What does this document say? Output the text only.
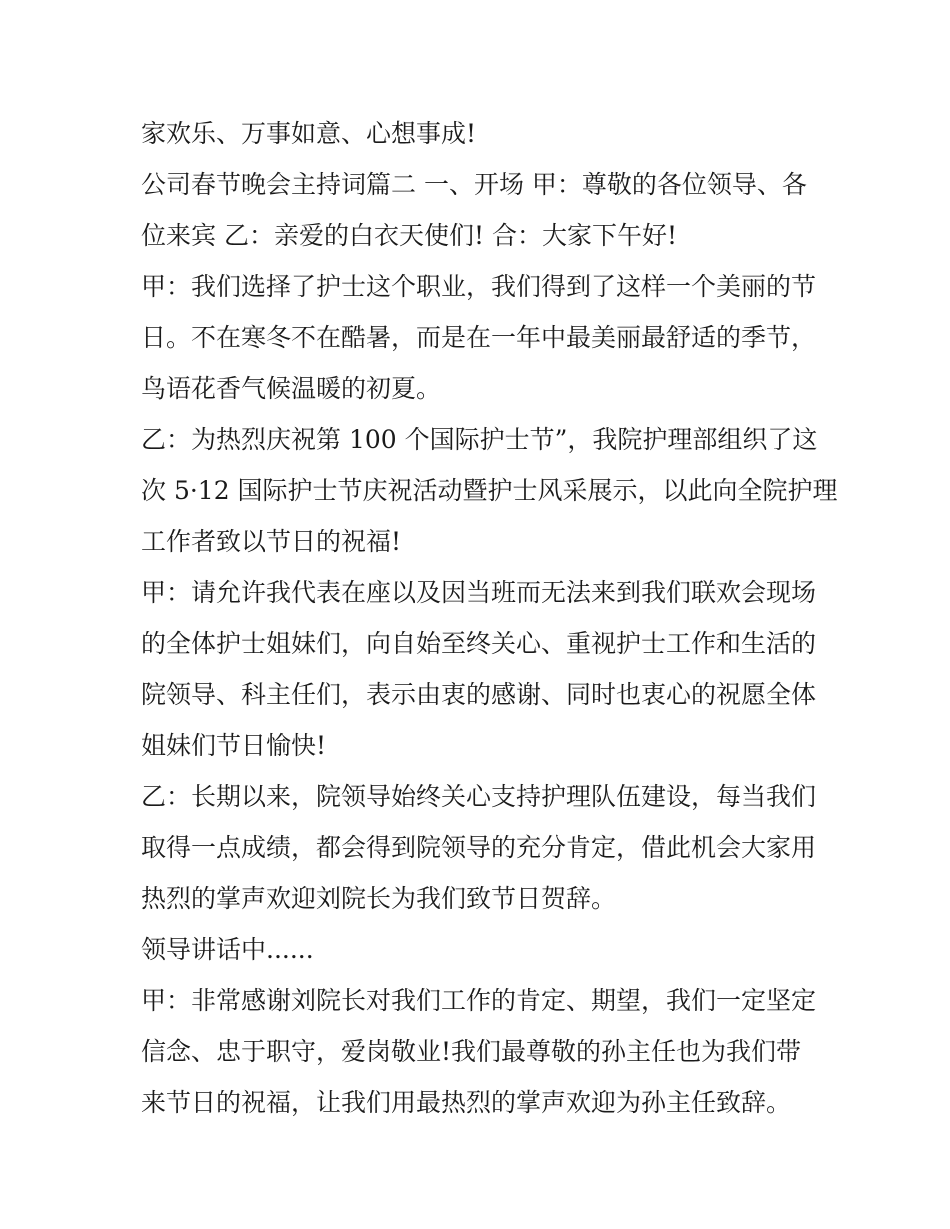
家欢乐、万事如意、心想事成!

公司春节晚会主持词篇二 一、开场 甲：尊敬的各位领导、各
位来宾 乙：亲爱的白衣天使们! 合：大家下午好!

甲：我们选择了护士这个职业，我们得到了这样一个美丽的节
日。不在寒冬不在酷暑，而是在一年中最美丽最舒适的季节，
鸟语花香气候温暖的初夏。

乙：为热烈庆祝第 100 个国际护士节”，我院护理部组织了这
次 5·12 国际护士节庆祝活动暨护士风采展示，以此向全院护理
工作者致以节日的祝福!

甲：请允许我代表在座以及因当班而无法来到我们联欢会现场
的全体护士姐妹们，向自始至终关心、重视护士工作和生活的
院领导、科主任们，表示由衷的感谢、同时也衷心的祝愿全体
姐妹们节日愉快!

乙：长期以来，院领导始终关心支持护理队伍建设，每当我们
取得一点成绩，都会得到院领导的充分肯定，借此机会大家用
热烈的掌声欢迎刘院长为我们致节日贺辞。

领导讲话中......

甲：非常感谢刘院长对我们工作的肯定、期望，我们一定坚定
信念、忠于职守，爱岗敬业!我们最尊敬的孙主任也为我们带
来节日的祝福，让我们用最热烈的掌声欢迎为孙主任致辞。
